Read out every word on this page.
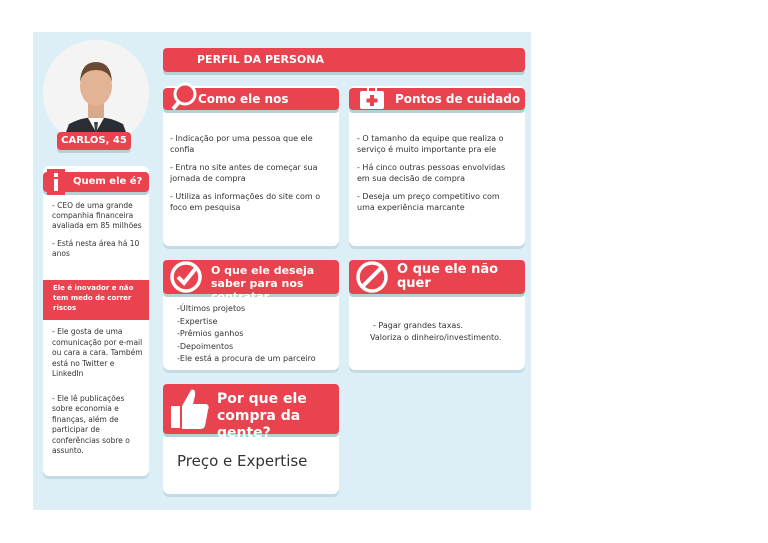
CARLOS, 45
Quem ele é?

- CEO de uma grande companhia financeira avaliada em 85 milhões

- Está nesta área há 10 anos

Ele é inovador e não tem medo de correr riscos

- Ele gosta de uma comunicação por e-mail ou cara a cara. Também está no Twitter e LinkedIn

- Ele lê publicações sobre economia e finanças, além de participar de conferências sobre o assunto.

PERFIL DA PERSONA
Como ele nos encontra

- Indicação por uma pessoa que ele confia

- Entra no site antes de começar sua jornada de compra

- Utiliza as informações do site com o foco em pesquisa

Pontos de cuidado

- O tamanho da equipe que realiza o serviço é muito importante pra ele

- Há cinco outras pessoas envolvidas em sua decisão de compra

- Deseja um preço competitivo com uma experiência marcante

O que ele deseja saber para nos contratar
-Últimos projetos
-Expertise
-Prêmios ganhos
-Depoimentos
-Ele está a procura de um parceiro
O que ele não quer
- Pagar grandes taxas.
Valoriza o dinheiro/investimento.
Por que ele compra da gente?
Preço e Expertise
